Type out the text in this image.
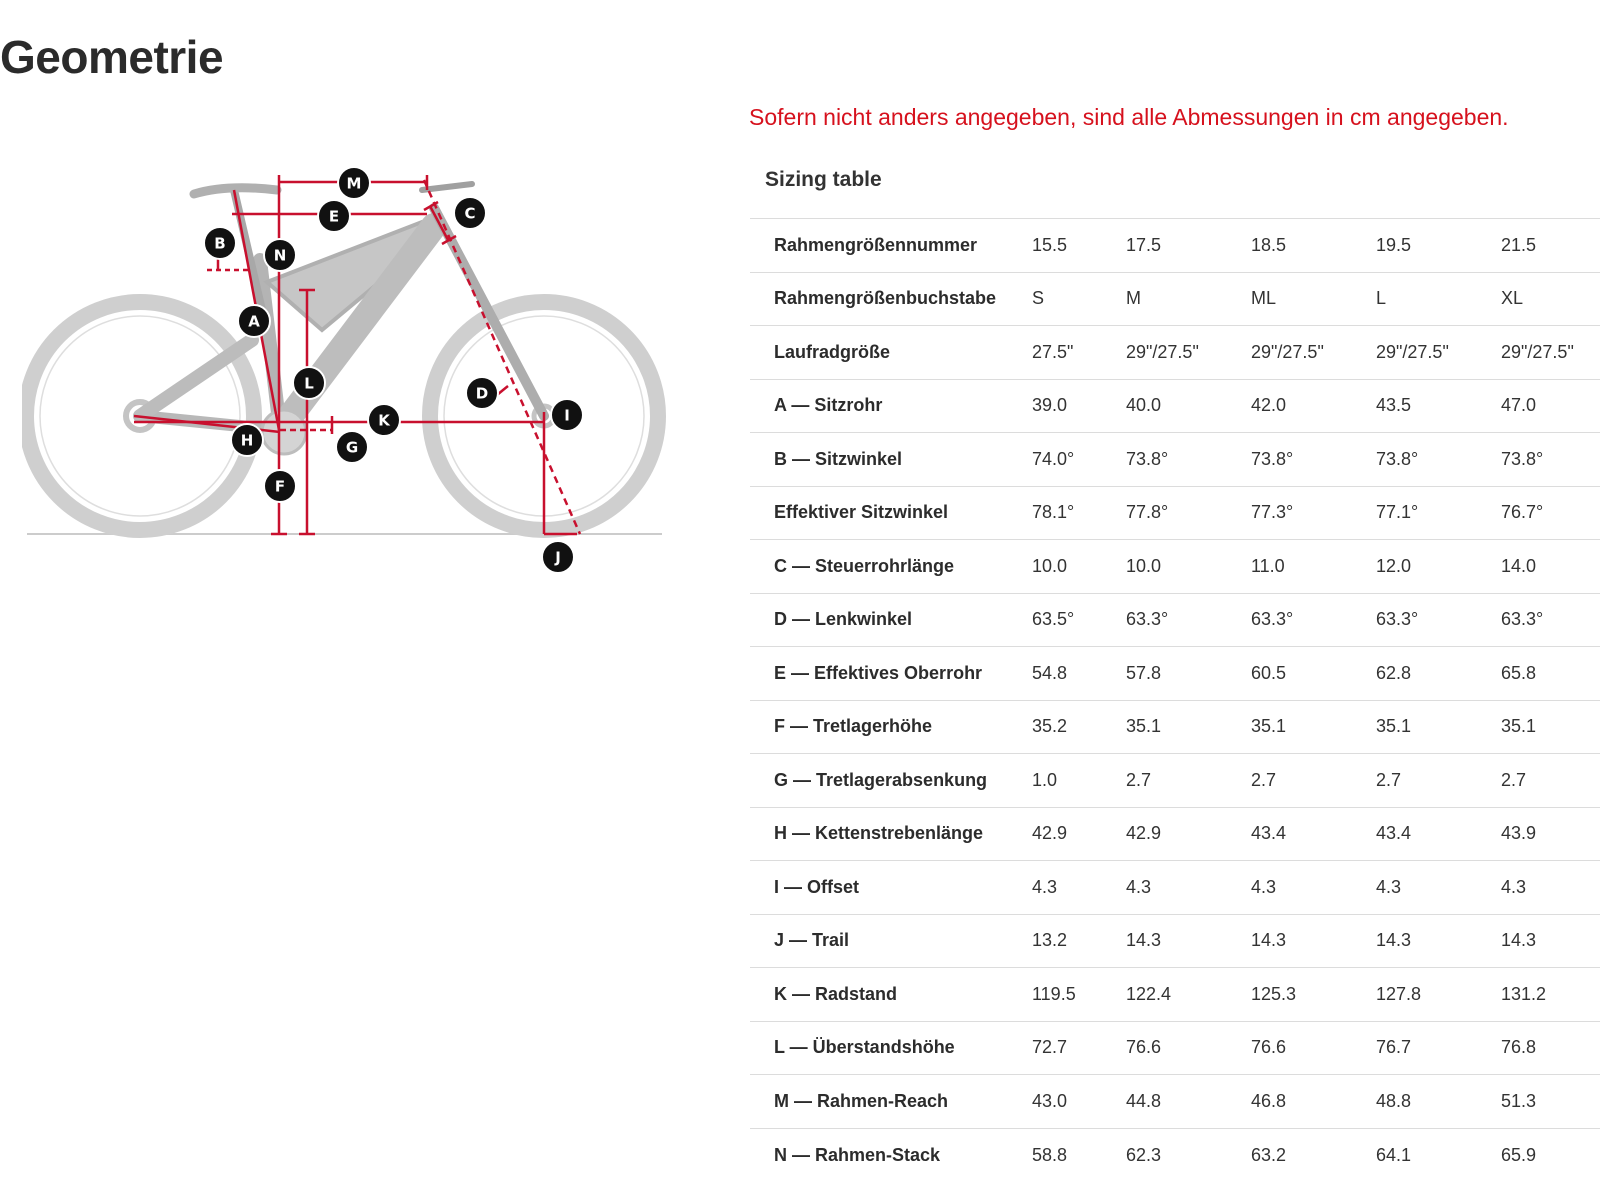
Geometrie
M
E	C
B
N
A
L
D
I
K
H	G
F
J

Sofern nicht anders angegeben, sind alle Abmessungen in cm angegeben.

Sizing table
Rahmengrößennummer	15.5	17.5	18.5	19.5	21.5
Rahmengrößenbuchstabe	S	M	ML	L	XL
Laufradgröße	27.5"	29"/27.5"	29"/27.5"	29"/27.5"	29"/27.5"
A — Sitzrohr	39.0	40.0	42.0	43.5	47.0
B — Sitzwinkel	74.0°	73.8°	73.8°	73.8°	73.8°
Effektiver Sitzwinkel	78.1°	77.8°	77.3°	77.1°	76.7°
C — Steuerrohrlänge	10.0	10.0	11.0	12.0	14.0
D — Lenkwinkel	63.5°	63.3°	63.3°	63.3°	63.3°
E — Effektives Oberrohr	54.8	57.8	60.5	62.8	65.8
F — Tretlagerhöhe	35.2	35.1	35.1	35.1	35.1
G — Tretlagerabsenkung	1.0	2.7	2.7	2.7	2.7
H — Kettenstrebenlänge	42.9	42.9	43.4	43.4	43.9
I — Offset	4.3	4.3	4.3	4.3	4.3
J — Trail	13.2	14.3	14.3	14.3	14.3
K — Radstand	119.5	122.4	125.3	127.8	131.2
L — Überstandshöhe	72.7	76.6	76.6	76.7	76.8
M — Rahmen-Reach	43.0	44.8	46.8	48.8	51.3
N — Rahmen-Stack	58.8	62.3	63.2	64.1	65.9
